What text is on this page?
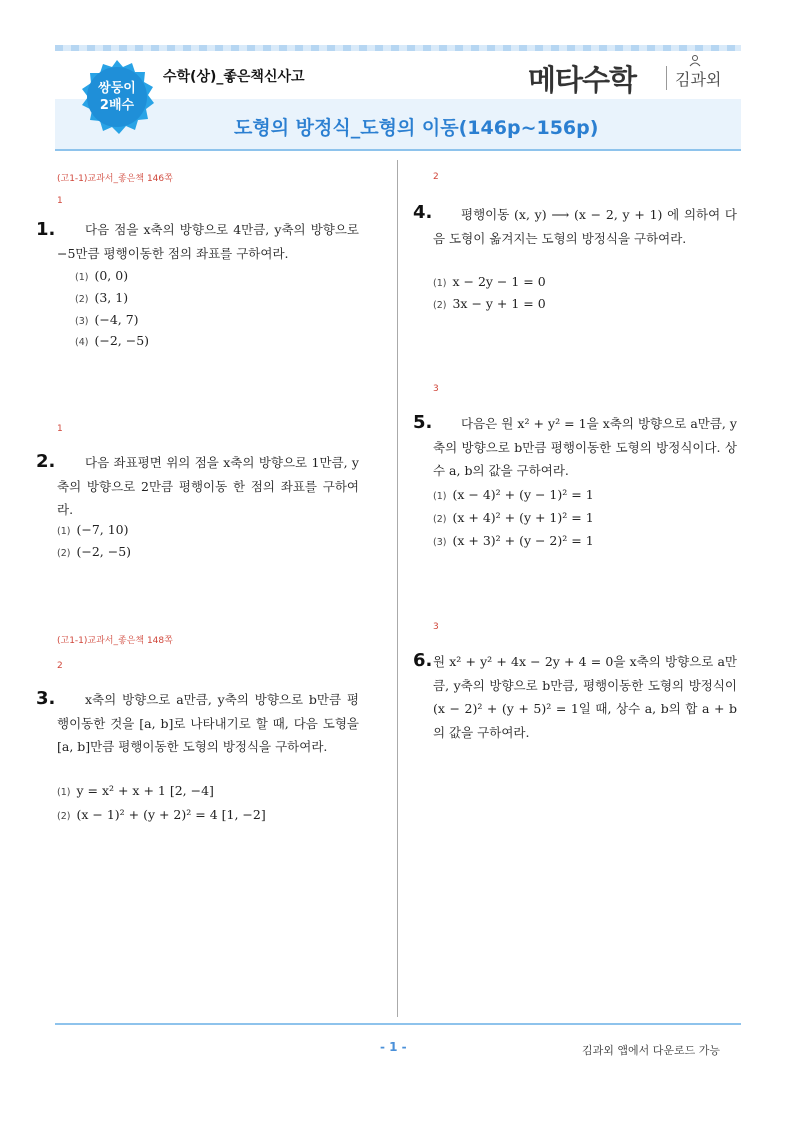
쌍둥이
2배수
수학(상)_좋은책신사고
도형의 방정식_도형의 이동(146p~156p)
메타수학 김과외
(고1-1)교과서_좋은책 146쪽
1
1.	다음 점을 x축의 방향으로 4만큼, y축의 방향으로 −5만큼 평행이동한 점의 좌표를 구하여라.
(1) (0, 0)
(2) (3, 1)
(3) (−4, 7)
(4) (−2, −5)
1
2.	다음 좌표평면 위의 점을 x축의 방향으로 1만큼, y축의 방향으로 2만큼 평행이동 한 점의 좌표를 구하여라.
(1) (−7, 10)
(2) (−2, −5)
(고1-1)교과서_좋은책 148쪽
2
3.	x축의 방향으로 a만큼, y축의 방향으로 b만큼 평행이동한 것을 [a, b]로 나타내기로 할 때, 다음 도형을 [a, b]만큼 평행이동한 도형의 방정식을 구하여라.
(1) y = x² + x + 1 [2, −4]
(2) (x − 1)² + (y + 2)² = 4 [1, −2]
2
4.	평행이동 (x, y) ⟶ (x − 2, y + 1) 에 의하여 다음 도형이 옮겨지는 도형의 방정식을 구하여라.
(1) x − 2y − 1 = 0
(2) 3x − y + 1 = 0
3
5.	다음은 원 x² + y² = 1을 x축의 방향으로 a만큼, y축의 방향으로 b만큼 평행이동한 도형의 방정식이다. 상수 a, b의 값을 구하여라.
(1) (x − 4)² + (y − 1)² = 1
(2) (x + 4)² + (y + 1)² = 1
(3) (x + 3)² + (y − 2)² = 1
3
6. 원 x² + y² + 4x − 2y + 4 = 0을 x축의 방향으로 a만큼, y축의 방향으로 b만큼, 평행이동한 도형의 방정식이 (x − 2)² + (y + 5)² = 1일 때, 상수 a, b의 합 a + b의 값을 구하여라.
- 1 -	김과외 앱에서 다운로드 가능
